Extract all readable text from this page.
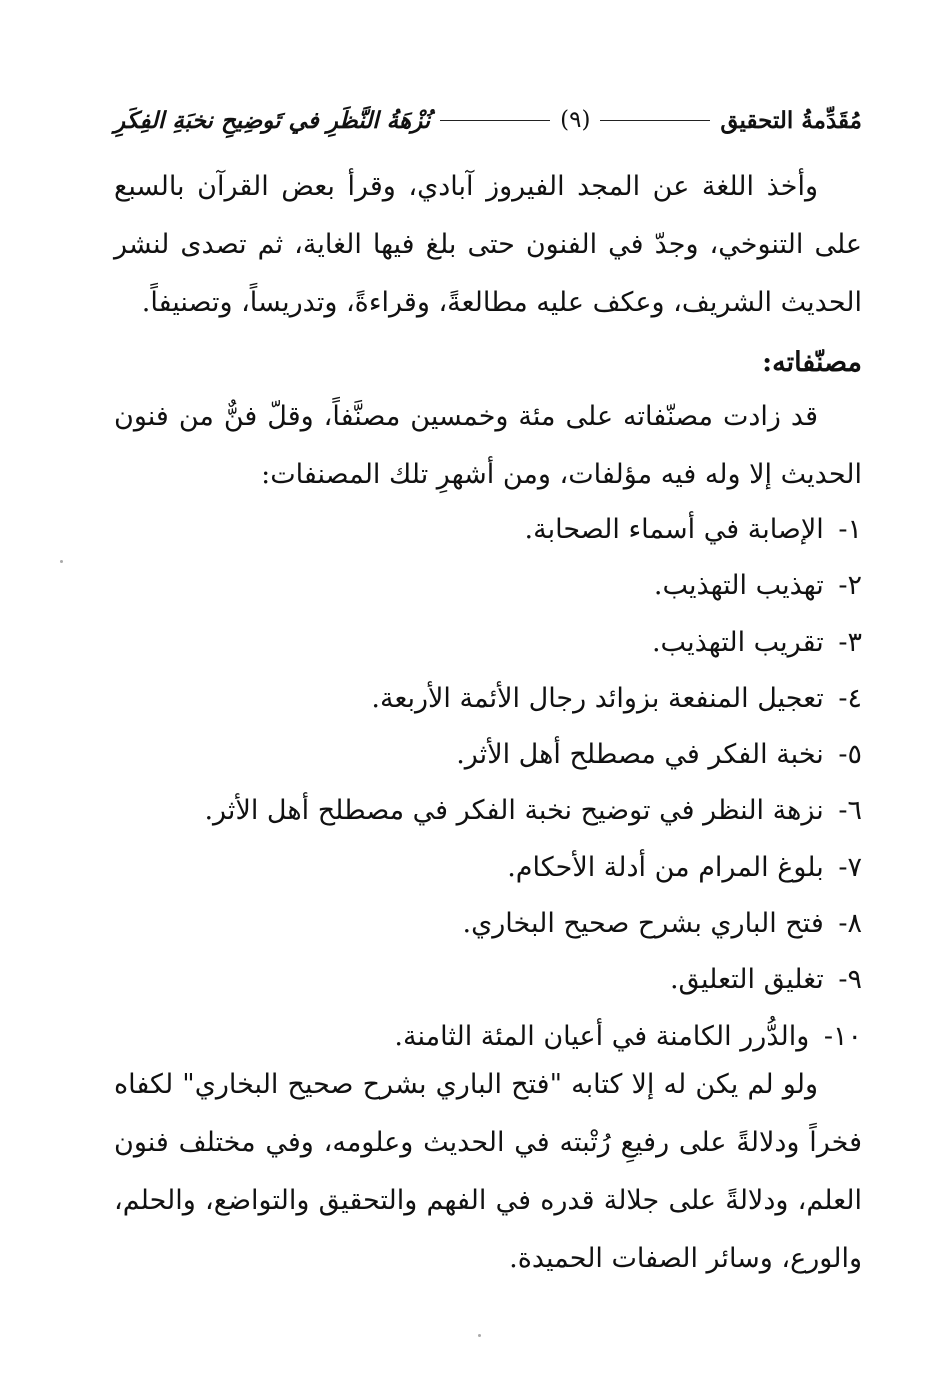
مُقَدِّمةُ التحقيق
(٩)
نُزْهَةُ النَّظَرِ في تَوضِيحِ نخبَةِ الفِكَرِ

وأخذ اللغة عن المجد الفيروز آبادي، وقرأ بعض القرآن بالسبع على التنوخي، وجدّ في الفنون حتى بلغ فيها الغاية، ثم تصدى لنشر الحديث الشريف، وعكف عليه مطالعةً، وقراءةً، وتدريساً، وتصنيفاً.

مصنّفاته:

قد زادت مصنّفاته على مئة وخمسين مصنَّفاً، وقلّ فنٌّ من فنون الحديث إلا وله فيه مؤلفات، ومن أشهرِ تلك المصنفات:

١- الإصابة في أسماء الصحابة.
٢- تهذيب التهذيب.
٣- تقريب التهذيب.
٤- تعجيل المنفعة بزوائد رجال الأئمة الأربعة.
٥- نخبة الفكر في مصطلح أهل الأثر.
٦- نزهة النظر في توضيح نخبة الفكر في مصطلح أهل الأثر.
٧- بلوغ المرام من أدلة الأحكام.
٨- فتح الباري بشرح صحيح البخاري.
٩- تغليق التعليق.
١٠- والدُّرر الكامنة في أعيان المئة الثامنة.

ولو لم يكن له إلا كتابه "فتح الباري بشرح صحيح البخاري" لكفاه فخراً ودلالةً على رفيعِ رُتْبته في الحديث وعلومه، وفي مختلف فنون العلم، ودلالةً على جلالة قدره في الفهم والتحقيق والتواضع، والحلم، والورع، وسائر الصفات الحميدة.
